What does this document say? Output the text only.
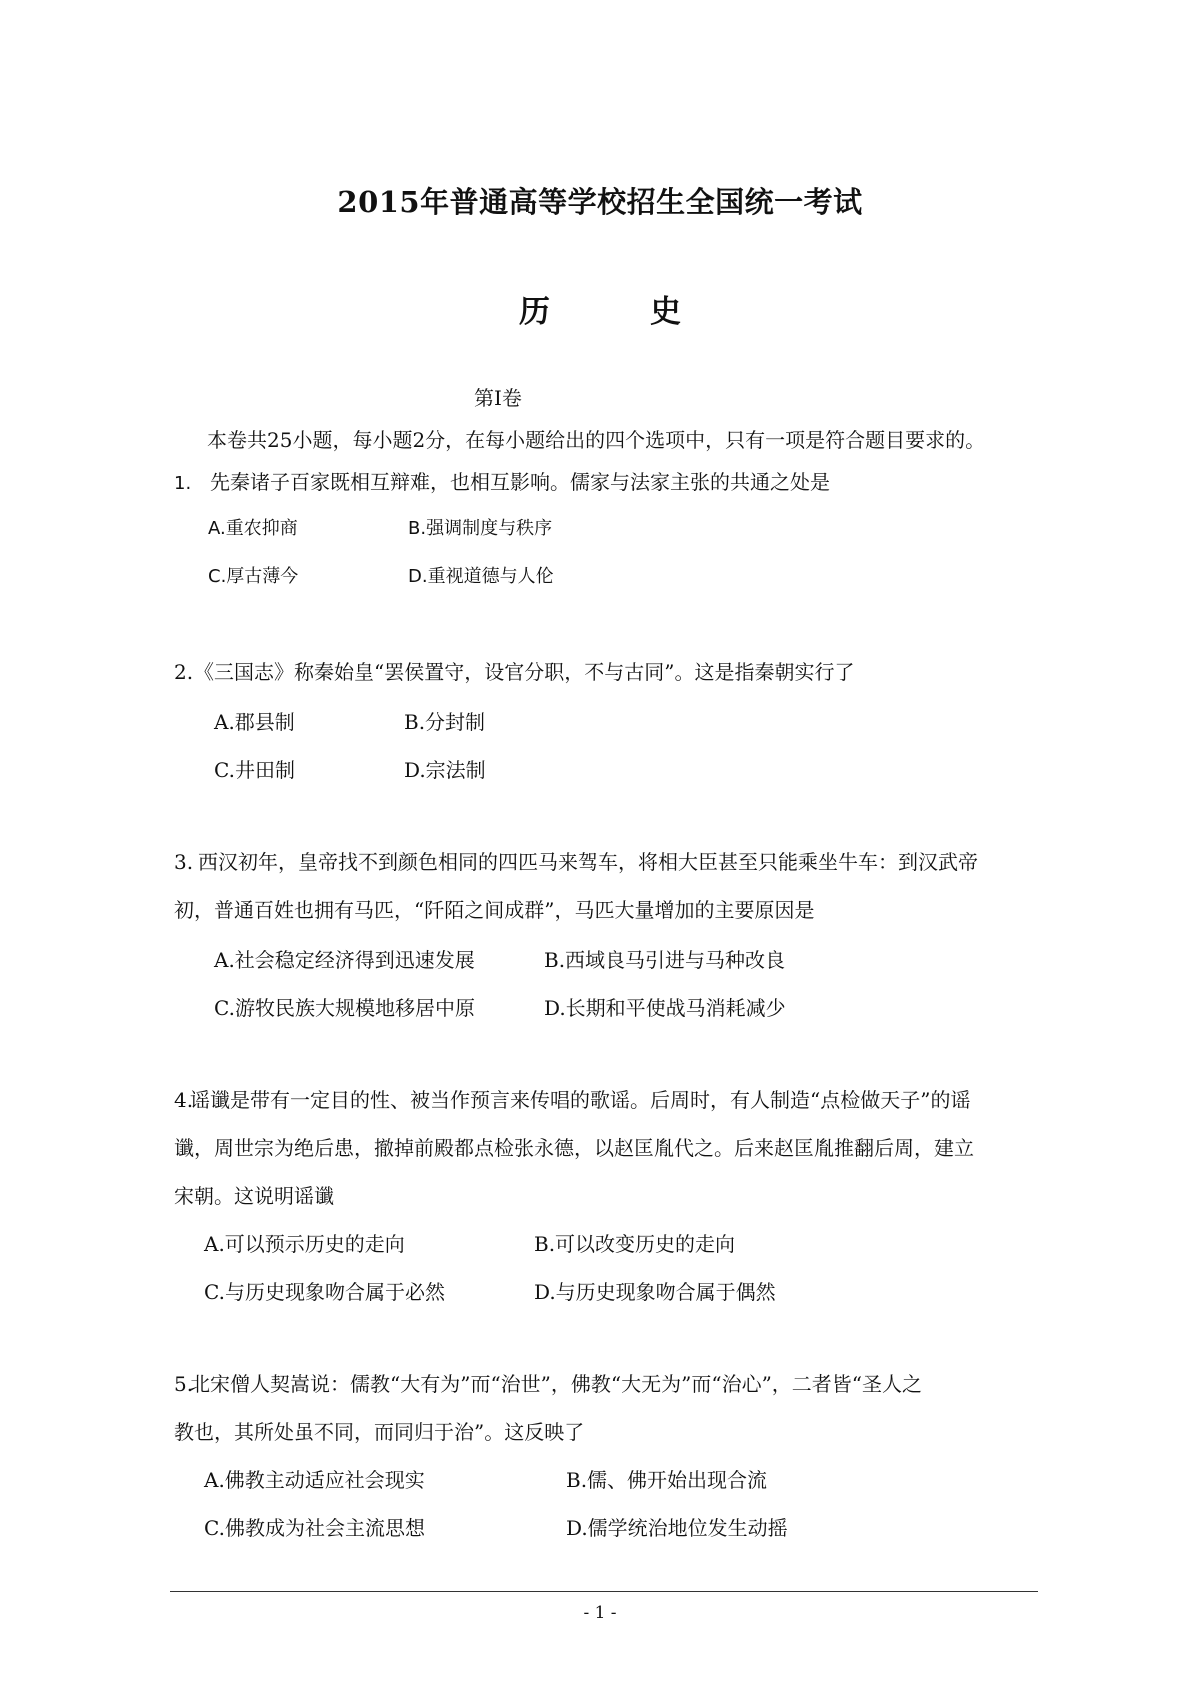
2015年普通高等学校招生全国统一考试
历	史
第I卷
本卷共25小题，每小题2分，在每小题给出的四个选项中，只有一项是符合题目要求的。
1. 先秦诸子百家既相互辩难，也相互影响。儒家与法家主张的共通之处是
A.重农抑商	B.强调制度与秩序
C.厚古薄今	D.重视道德与人伦
2. 《三国志》称秦始皇“罢侯置守，设官分职，不与古同”。这是指秦朝实行了
A.郡县制	B.分封制
C.井田制	D.宗法制
3. 西汉初年，皇帝找不到颜色相同的四匹马来驾车，将相大臣甚至只能乘坐牛车：到汉武帝
初，普通百姓也拥有马匹，“阡陌之间成群”，马匹大量增加的主要原因是
A.社会稳定经济得到迅速发展	B.西域良马引进与马种改良
C.游牧民族大规模地移居中原	D.长期和平使战马消耗减少
4.
谣谶是带有一定目的性、被当作预言来传唱的歌谣。后周时，有人制造“点检做天子”的谣
谶，周世宗为绝后患，撤掉前殿都点检张永德，以赵匡胤代之。后来赵匡胤推翻后周，建立
宋朝。这说明谣谶
A.可以预示历史的走向	B.可以改变历史的走向
C.与历史现象吻合属于必然	D.与历史现象吻合属于偶然
5.
北宋僧人契嵩说：儒教“大有为”而“治世”，佛教“大无为”而“治心”，二者皆“圣人之
教也，其所处虽不同，而同归于治”。这反映了
A.佛教主动适应社会现实	B.儒、佛开始出现合流
C.佛教成为社会主流思想	D.儒学统治地位发生动摇
- 1 -
